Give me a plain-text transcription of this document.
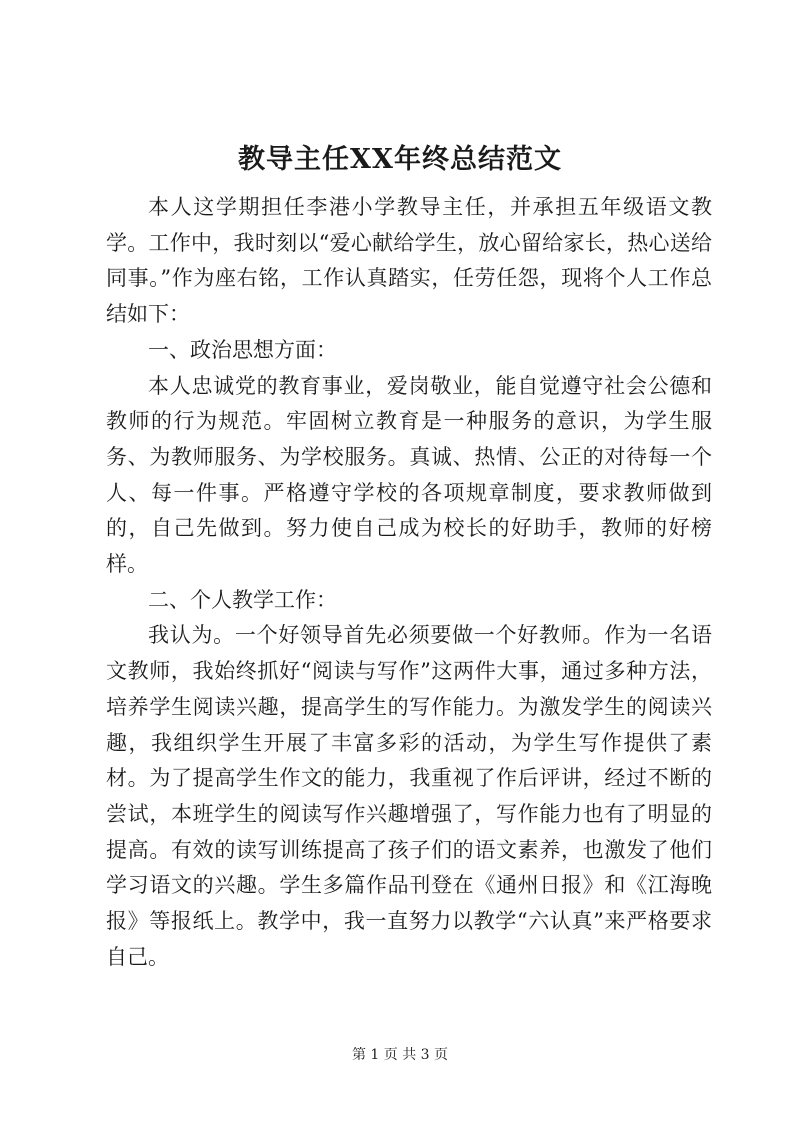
教导主任XX年终总结范文

本人这学期担任李港小学教导主任，并承担五年级语文教学。工作中，我时刻以“爱心献给学生，放心留给家长，热心送给同事。”作为座右铭，工作认真踏实，任劳任怨，现将个人工作总结如下：

一、政治思想方面：

本人忠诚党的教育事业，爱岗敬业，能自觉遵守社会公德和教师的行为规范。牢固树立教育是一种服务的意识，为学生服务、为教师服务、为学校服务。真诚、热情、公正的对待每一个人、每一件事。严格遵守学校的各项规章制度，要求教师做到的，自己先做到。努力使自己成为校长的好助手，教师的好榜样。

二、个人教学工作：

我认为。一个好领导首先必须要做一个好教师。作为一名语文教师，我始终抓好“阅读与写作”这两件大事，通过多种方法，培养学生阅读兴趣，提高学生的写作能力。为激发学生的阅读兴趣，我组织学生开展了丰富多彩的活动，为学生写作提供了素材。为了提高学生作文的能力，我重视了作后评讲，经过不断的尝试，本班学生的阅读写作兴趣增强了，写作能力也有了明显的提高。有效的读写训练提高了孩子们的语文素养，也激发了他们学习语文的兴趣。学生多篇作品刊登在《通州日报》和《江海晚报》等报纸上。教学中，我一直努力以教学“六认真”来严格要求自己。

第 1 页 共 3 页
